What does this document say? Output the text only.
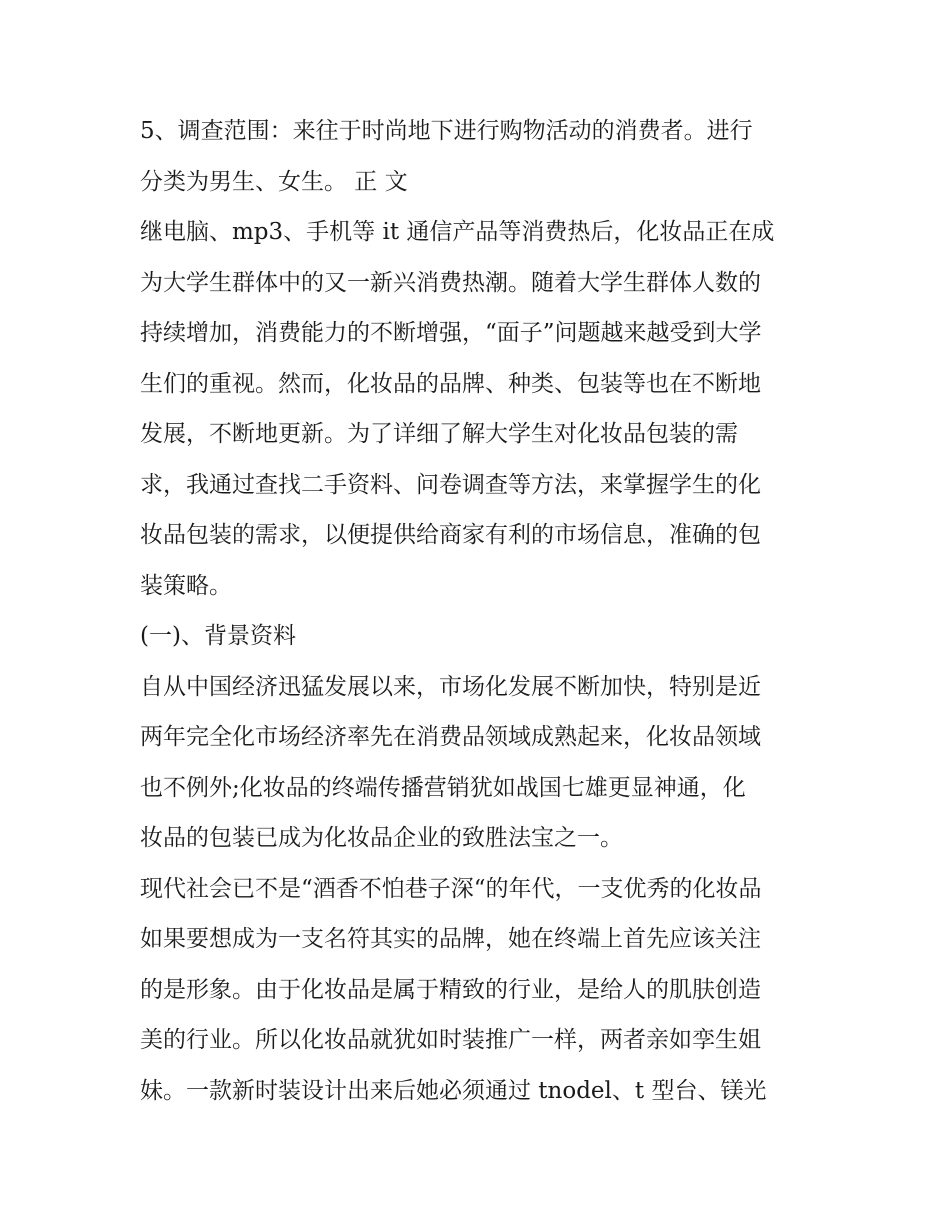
5、调查范围：来往于时尚地下进行购物活动的消费者。进行
分类为男生、女生。 正 文
继电脑、mp3、手机等 it 通信产品等消费热后，化妆品正在成
为大学生群体中的又一新兴消费热潮。随着大学生群体人数的
持续增加，消费能力的不断增强，“面子”问题越来越受到大学
生们的重视。然而，化妆品的品牌、种类、包装等也在不断地
发展，不断地更新。为了详细了解大学生对化妆品包装的需
求，我通过查找二手资料、问卷调查等方法，来掌握学生的化
妆品包装的需求，以便提供给商家有利的市场信息，准确的包
装策略。
(一)、背景资料
自从中国经济迅猛发展以来，市场化发展不断加快，特别是近
两年完全化市场经济率先在消费品领域成熟起来，化妆品领域
也不例外;化妆品的终端传播营销犹如战国七雄更显神通，化
妆品的包装已成为化妆品企业的致胜法宝之一。
现代社会已不是“酒香不怕巷子深“的年代，一支优秀的化妆品
如果要想成为一支名符其实的品牌，她在终端上首先应该关注
的是形象。由于化妆品是属于精致的行业，是给人的肌肤创造
美的行业。所以化妆品就犹如时装推广一样，两者亲如孪生姐
妹。一款新时装设计出来后她必须通过 tnodel、t 型台、镁光
